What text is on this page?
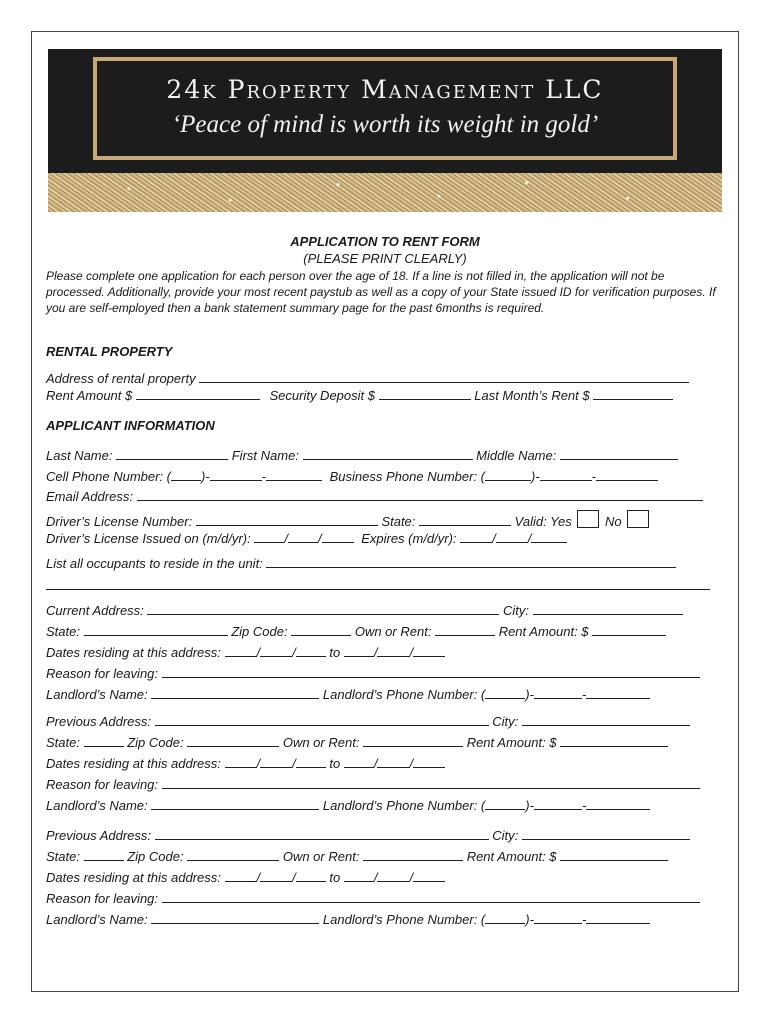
24k Property Management LLC
‘Peace of mind is worth its weight in gold’
APPLICATION TO RENT FORM
(PLEASE PRINT CLEARLY)
Please complete one application for each person over the age of 18. If a line is not filled in, the application will not be processed. Additionally, provide your most recent paystub as well as a copy of your State issued ID for verification purposes. If you are self-employed then a bank statement summary page for the past 6months is required.
RENTAL PROPERTY
Address of rental property
Rent Amount $	Security Deposit $	Last Month’s Rent $
APPLICANT INFORMATION
Last Name:	First Name:	Middle Name:
Cell Phone Number: ( )-	-	Business Phone Number: (	)-	-
Email Address:
Driver’s License Number:	State:	Valid: Yes	No
Driver’s License Issued on (m/d/yr):	/ /	Expires (m/d/yr):	/ /
List all occupants to reside in the unit:
Current Address:	City:
State:	Zip Code:	Own or Rent:	Rent Amount: $
Dates residing at this address:	/ /	to	/ /
Reason for leaving:
Landlord’s Name:	Landlord’s Phone Number: (	)-	-
Previous Address:	City:
State:	Zip Code:	Own or Rent:	Rent Amount: $
Dates residing at this address:	/ /	to	/ /
Reason for leaving:
Landlord’s Name:	Landlord’s Phone Number: (	)-	-
Previous Address:	City:
State:	Zip Code:	Own or Rent:	Rent Amount: $
Dates residing at this address:	/ /	to	/ /
Reason for leaving:
Landlord’s Name:	Landlord’s Phone Number: (	)-	-
